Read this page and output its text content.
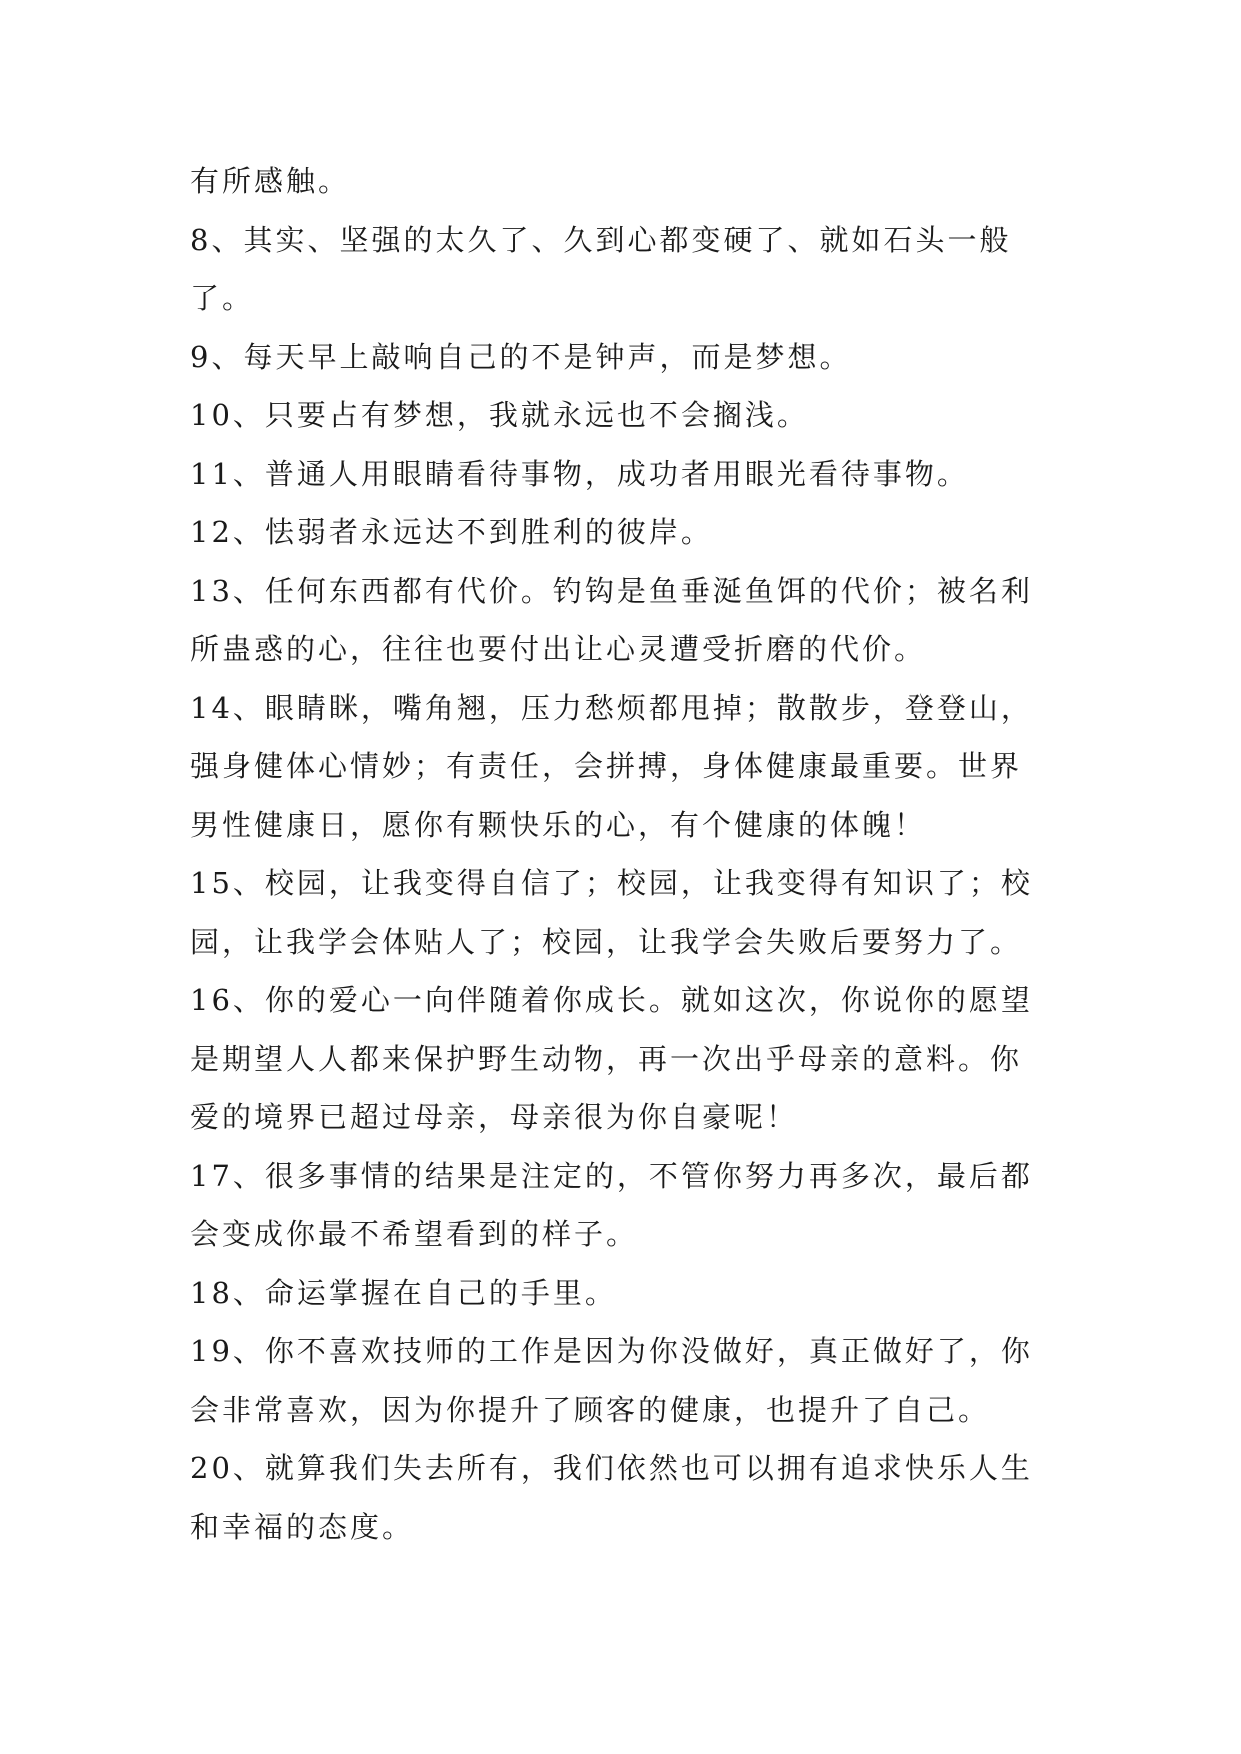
有所感触。
8、其实、坚强的太久了、久到心都变硬了、就如石头一般
了。
9、每天早上敲响自己的不是钟声，而是梦想。
10、只要占有梦想，我就永远也不会搁浅。
11、普通人用眼睛看待事物，成功者用眼光看待事物。
12、怯弱者永远达不到胜利的彼岸。
13、任何东西都有代价。钓钩是鱼垂涎鱼饵的代价；被名利
所蛊惑的心，往往也要付出让心灵遭受折磨的代价。
14、眼睛眯，嘴角翘，压力愁烦都甩掉；散散步，登登山，
强身健体心情妙；有责任，会拼搏，身体健康最重要。世界
男性健康日，愿你有颗快乐的心，有个健康的体魄！
15、校园，让我变得自信了；校园，让我变得有知识了；校
园，让我学会体贴人了；校园，让我学会失败后要努力了。
16、你的爱心一向伴随着你成长。就如这次，你说你的愿望
是期望人人都来保护野生动物，再一次出乎母亲的意料。你
爱的境界已超过母亲，母亲很为你自豪呢！
17、很多事情的结果是注定的，不管你努力再多次，最后都
会变成你最不希望看到的样子。
18、命运掌握在自己的手里。
19、你不喜欢技师的工作是因为你没做好，真正做好了，你
会非常喜欢，因为你提升了顾客的健康，也提升了自己。
20、就算我们失去所有，我们依然也可以拥有追求快乐人生
和幸福的态度。
